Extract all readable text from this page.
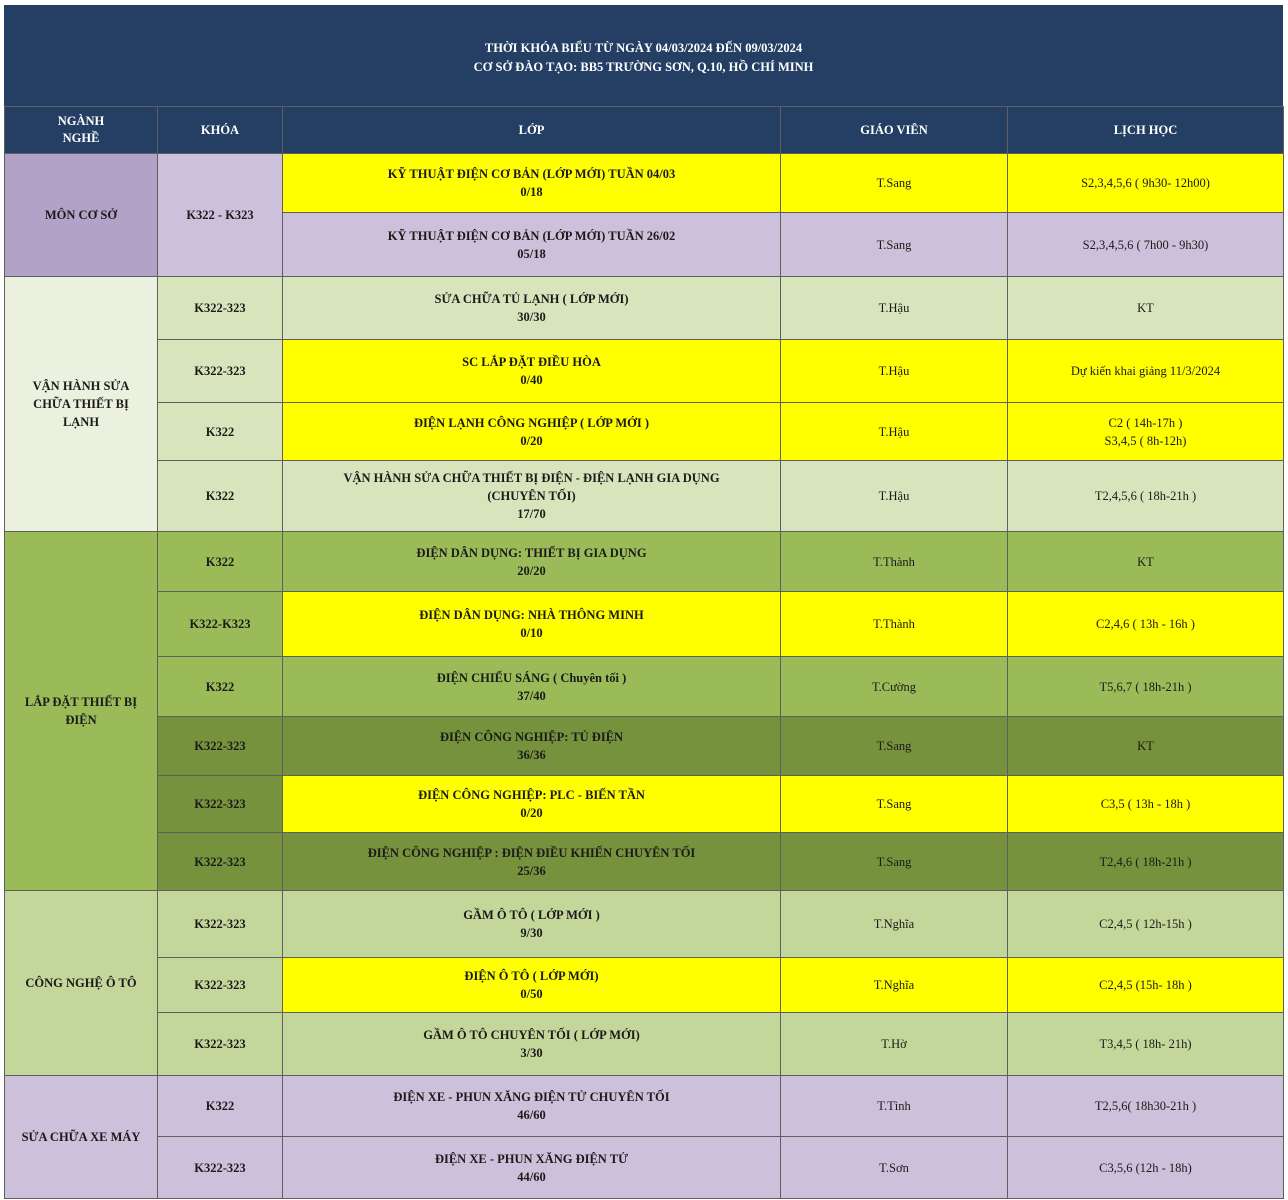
THỜI KHÓA BIỂU TỪ NGÀY 04/03/2024 ĐẾN 09/03/2024
CƠ SỞ ĐÀO TẠO: BB5 TRƯỜNG SƠN, Q.10, HỒ CHÍ MINH
NGÀNH
NGHỀ	KHÓA	LỚP	GIÁO VIÊN	LỊCH HỌC
MÔN CƠ SỞ	K322 - K323	KỸ THUẬT ĐIỆN CƠ BẢN (LỚP MỚI) TUẦN 04/03
0/18	T.Sang	S2,3,4,5,6 ( 9h30- 12h00)

		KỸ THUẬT ĐIỆN CƠ BẢN (LỚP MỚI) TUẦN 26/02
05/18	T.Sang	S2,3,4,5,6 ( 7h00 - 9h30)

VẬN HÀNH SỬA
CHỮA THIẾT BỊ
LẠNH	K322-323	SỬA CHỮA TỦ LẠNH ( LỚP MỚI)
30/30	T.Hậu	KT
	K322-323	SC LẮP ĐẶT ĐIỀU HÒA
0/40	T.Hậu	Dự kiến khai giảng 11/3/2024
	K322	ĐIỆN LẠNH CÔNG NGHIỆP ( LỚP MỚI )
0/20	T.Hậu	C2 ( 14h-17h )
S3,4,5 ( 8h-12h)

	K322	VẬN HÀNH SỬA CHỮA THIẾT BỊ ĐIỆN - ĐIỆN LẠNH GIA DỤNG
(CHUYÊN TỐI)
17/70	T.Hậu	T2,4,5,6 ( 18h-21h )

LẮP ĐẶT THIẾT BỊ
ĐIỆN	K322	ĐIỆN DÂN DỤNG: THIẾT BỊ GIA DỤNG
20/20	T.Thành	KT
	K322-K323	ĐIỆN DÂN DỤNG: NHÀ THÔNG MINH
0/10	T.Thành	C2,4,6 ( 13h - 16h )
	K322	ĐIỆN CHIẾU SÁNG ( Chuyên tối )
37/40	T.Cường	T5,6,7 ( 18h-21h )
	K322-323	ĐIỆN CÔNG NGHIỆP: TỦ ĐIỆN
36/36	T.Sang	KT
	K322-323	ĐIỆN CÔNG NGHIỆP: PLC - BIẾN TẦN
0/20	T.Sang	C3,5 ( 13h - 18h )
	K322-323	ĐIỆN CÔNG NGHIỆP : ĐIỆN ĐIỀU KHIỂN CHUYÊN TỐI
25/36	T.Sang	T2,4,6 ( 18h-21h )
CÔNG NGHỆ Ô TÔ	K322-323	GẦM Ô TÔ ( LỚP MỚI )
9/30	T.Nghĩa	C2,4,5 ( 12h-15h )
	K322-323	ĐIỆN Ô TÔ ( LỚP MỚI)
0/50	T.Nghĩa	C2,4,5 (15h- 18h )
	K322-323	GẦM Ô TÔ CHUYÊN TỐI ( LỚP MỚI)
3/30	T.Hờ	T3,4,5 ( 18h- 21h)
SỬA CHỮA XE MÁY	K322	ĐIỆN XE - PHUN XĂNG ĐIỆN TỬ CHUYÊN TỐI
46/60	T.Tình	T2,5,6( 18h30-21h )
	K322-323	ĐIỆN XE - PHUN XĂNG ĐIỆN TỬ
44/60	T.Sơn	C3,5,6 (12h - 18h)
